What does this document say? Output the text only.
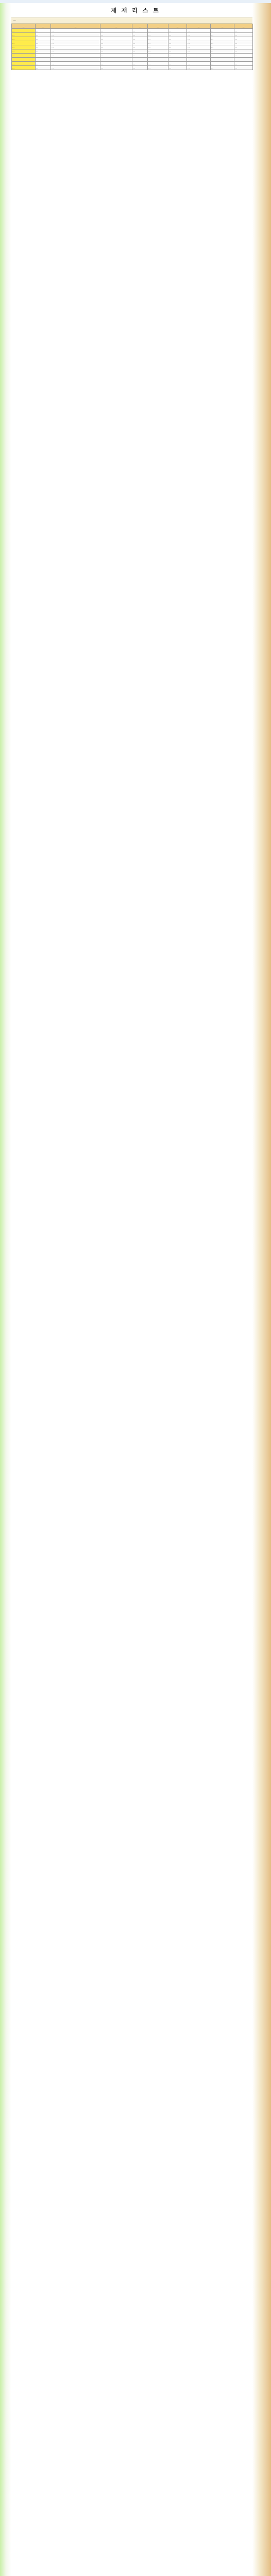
재 재 리 스 트
…
…	…	…	…	…	…	…	…	…	…
…	…	…	…	…	…	…	…	…	…
…	…	…	…	…	…	…	…	…	…
…	…	…	…	…	…	…	…	…	…
…	…	…	…	…	…	…	…	…	…
…	…	…	…	…	…	…	…	…	…
…	…	…	…	…	…	…	…	…	…
…	…	…	…	…	…	…	…	…	…
…	…	…	…	…	…	…	…	…	…
…	…	…	…	…	…	…	…	…	…
…	…	…	…	…	…	…	…	…	…
